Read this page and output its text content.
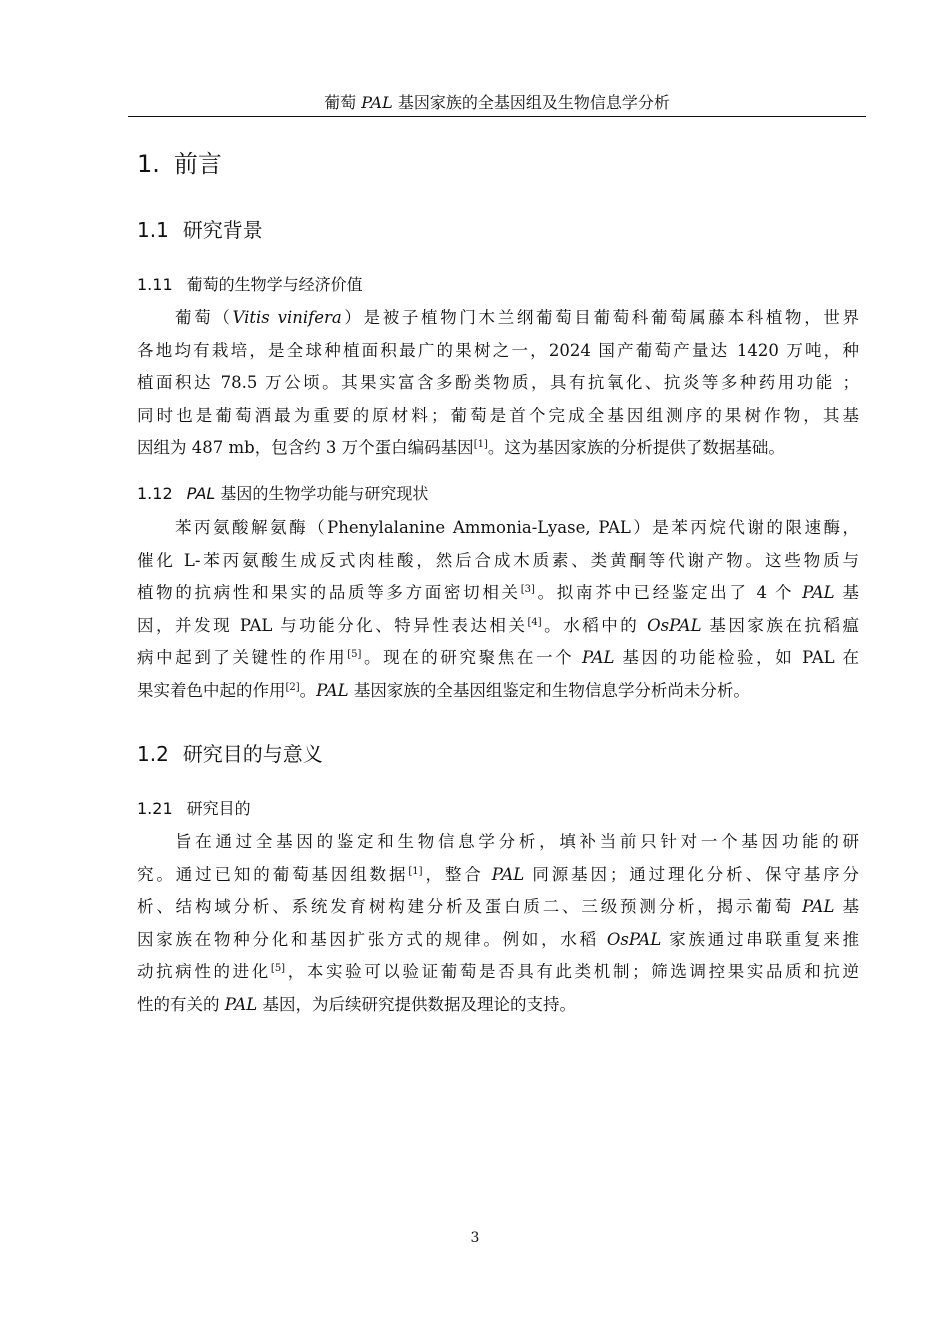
葡萄 PAL 基因家族的全基因组及生物信息学分析
1. 前言
1.1 研究背景
1.11 葡萄的生物学与经济价值
葡萄（Vitis vinifera）是被子植物门木兰纲葡萄目葡萄科葡萄属藤本科植物，世界
各地均有栽培，是全球种植面积最广的果树之一，2024 国产葡萄产量达 1420 万吨，种
植面积达 78.5 万公顷。其果实富含多酚类物质，具有抗氧化、抗炎等多种药用功能 ；
同时也是葡萄酒最为重要的原材料；葡萄是首个完成全基因组测序的果树作物，其基
因组为 487 mb，包含约 3 万个蛋白编码基因[1]。这为基因家族的分析提供了数据基础。
1.12 PAL 基因的生物学功能与研究现状
苯丙氨酸解氨酶（Phenylalanine Ammonia-Lyase, PAL）是苯丙烷代谢的限速酶，
催化 L-苯丙氨酸生成反式肉桂酸，然后合成木质素、类黄酮等代谢产物。这些物质与
植物的抗病性和果实的品质等多方面密切相关[3]。拟南芥中已经鉴定出了 4 个 PAL 基
因，并发现 PAL 与功能分化、特异性表达相关[4]。水稻中的 OsPAL 基因家族在抗稻瘟
病中起到了关键性的作用[5]。现在的研究聚焦在一个 PAL 基因的功能检验，如 PAL 在
果实着色中起的作用[2]。PAL 基因家族的全基因组鉴定和生物信息学分析尚未分析。
1.2 研究目的与意义
1.21 研究目的
旨在通过全基因的鉴定和生物信息学分析，填补当前只针对一个基因功能的研
究。通过已知的葡萄基因组数据[1]，整合 PAL 同源基因；通过理化分析、保守基序分
析、结构域分析、系统发育树构建分析及蛋白质二、三级预测分析，揭示葡萄 PAL 基
因家族在物种分化和基因扩张方式的规律。例如，水稻 OsPAL 家族通过串联重复来推
动抗病性的进化[5]，本实验可以验证葡萄是否具有此类机制；筛选调控果实品质和抗逆
性的有关的 PAL 基因，为后续研究提供数据及理论的支持。
3
